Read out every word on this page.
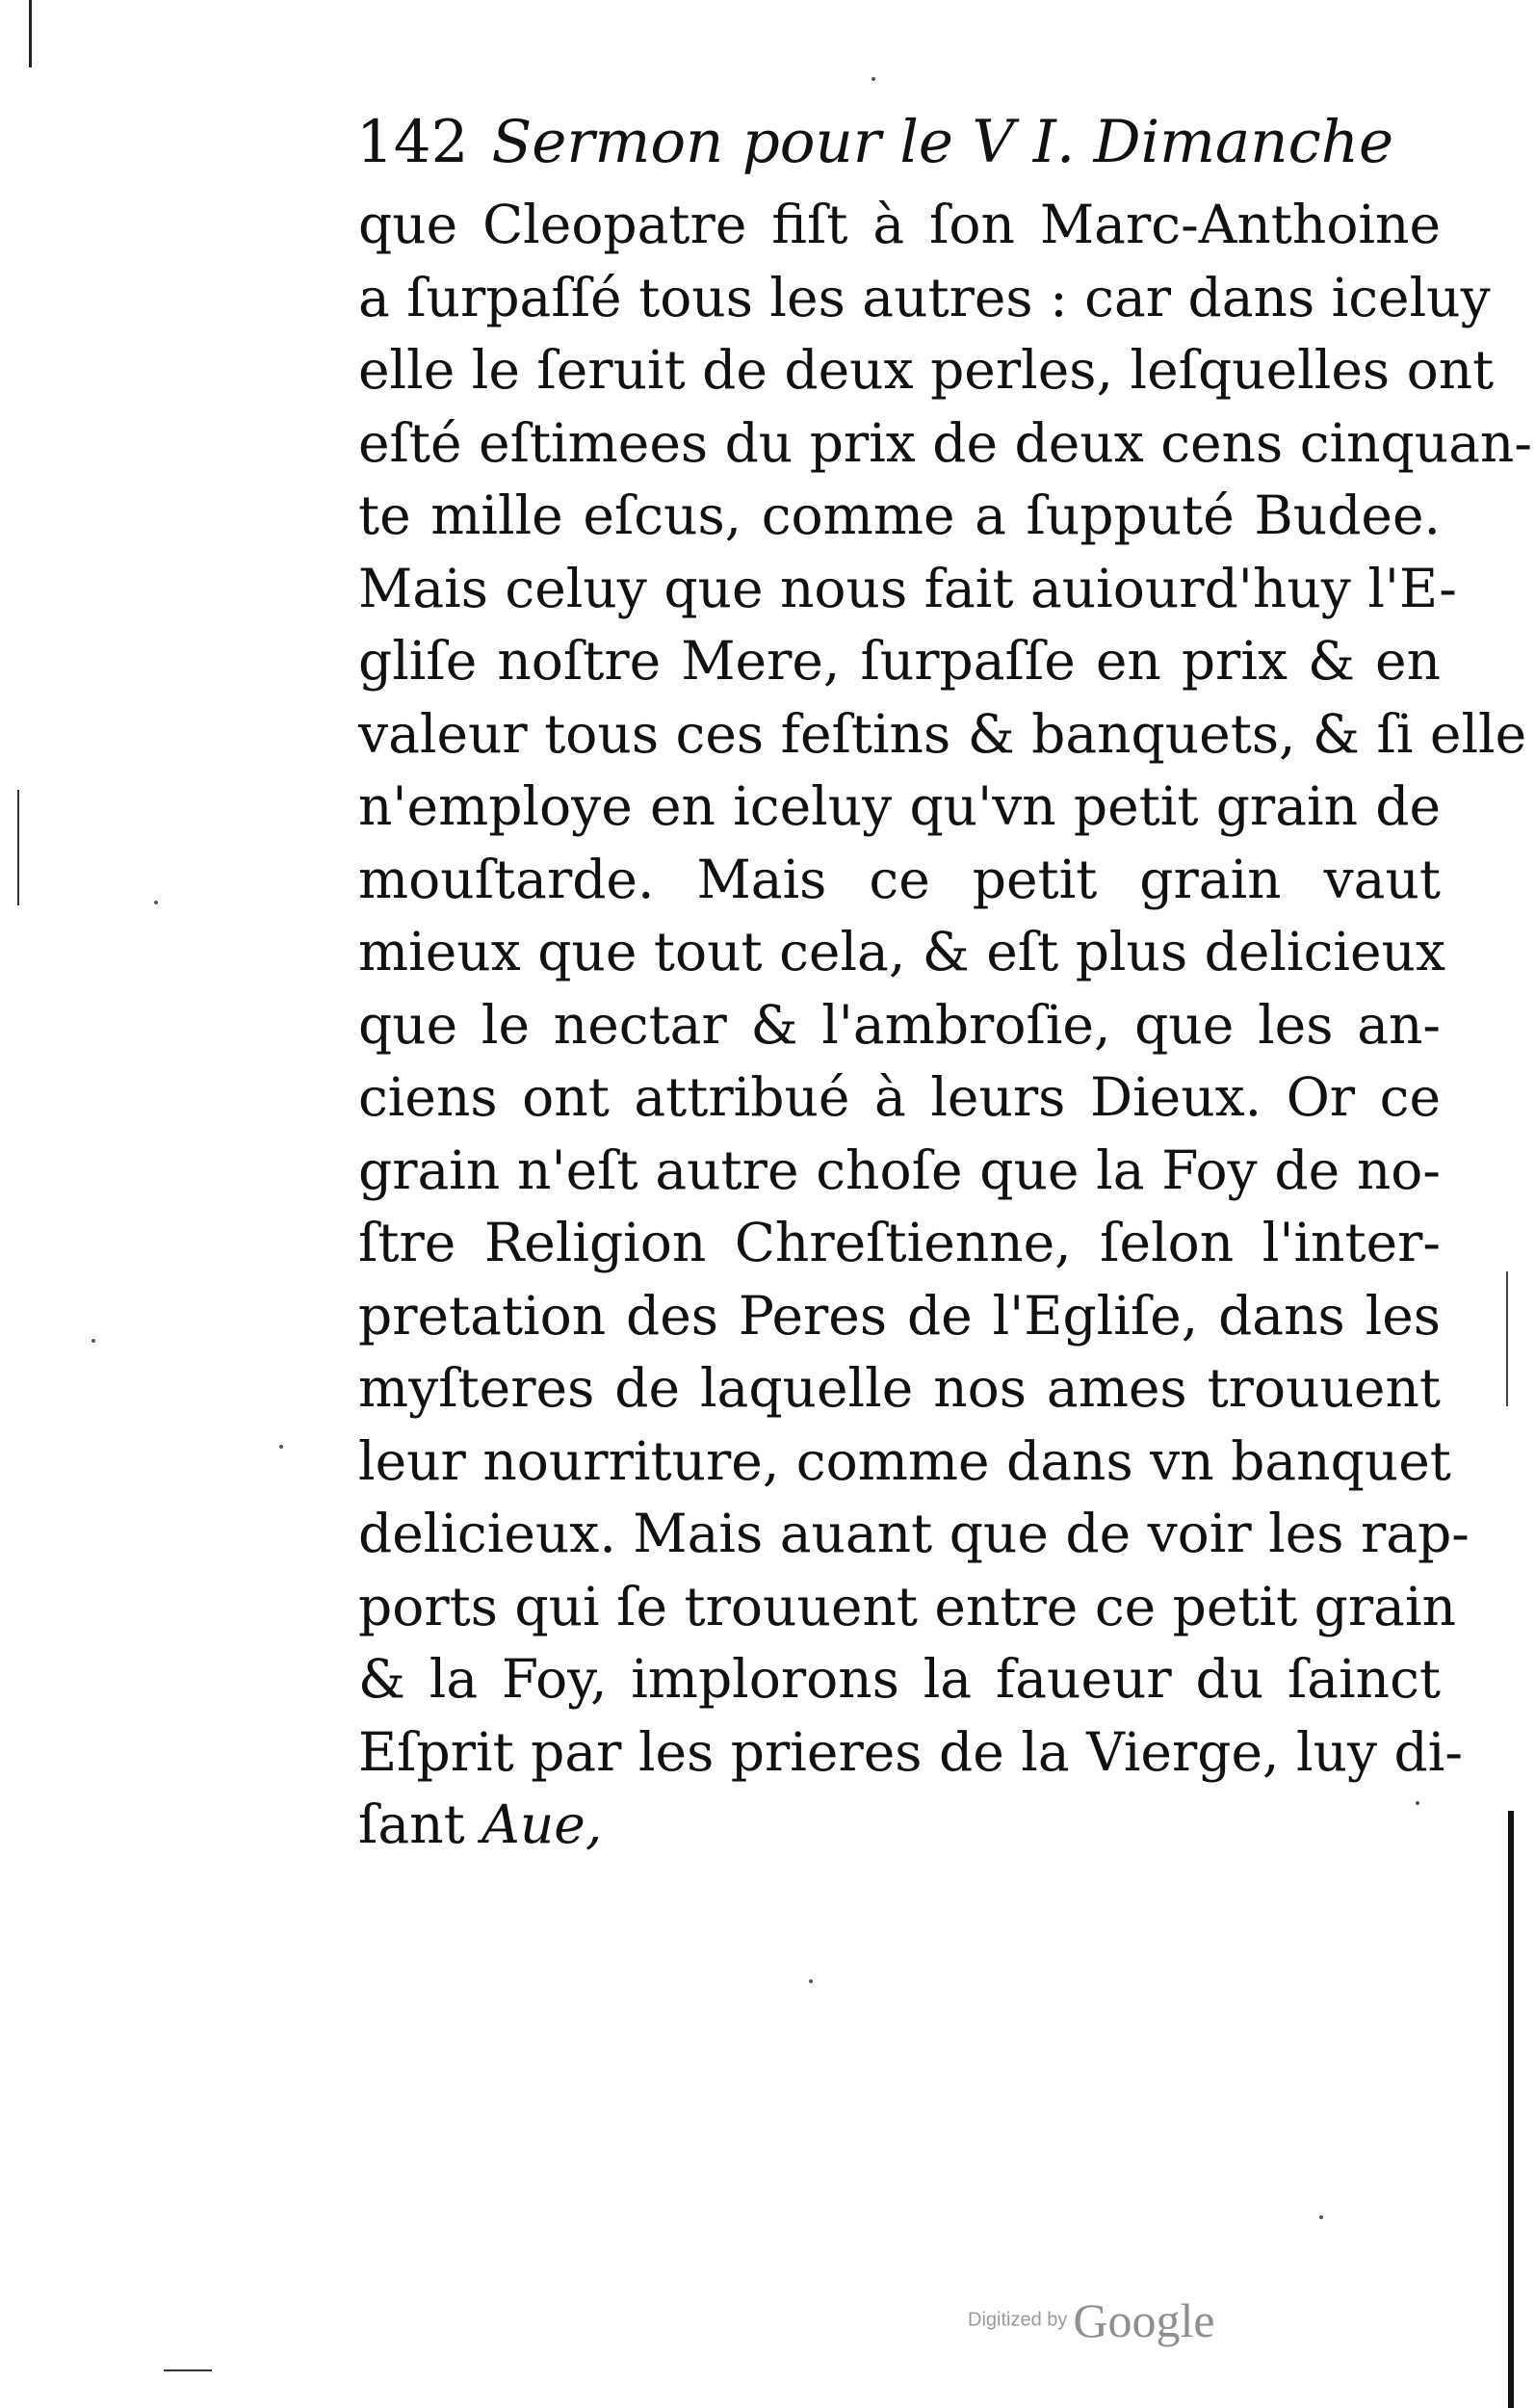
142 Sermon pour le V I. Dimanche
que Cleopatre fiſt à ſon Marc-Anthoine
a ſurpaſſé tous les autres : car dans iceluy
elle le ſeruit de deux perles, leſquelles ont
eſté eſtimees du prix de deux cens cinquan-
te mille eſcus, comme a ſupputé Budee.
Mais celuy que nous fait auiourd'huy l'E-
gliſe noſtre Mere, ſurpaſſe en prix & en
valeur tous ces feſtins & banquets, & ſi elle
n'employe en iceluy qu'vn petit grain de
mouſtarde. Mais ce petit grain vaut
mieux que tout cela, & eſt plus delicieux
que le nectar & l'ambroſie, que les an-
ciens ont attribué à leurs Dieux. Or ce
grain n'eſt autre choſe que la Foy de no-
ſtre Religion Chreſtienne, ſelon l'inter-
pretation des Peres de l'Egliſe, dans les
myſteres de laquelle nos ames trouuent
leur nourriture, comme dans vn banquet
delicieux. Mais auant que de voir les rap-
ports qui ſe trouuent entre ce petit grain
& la Foy, implorons la faueur du ſainct
Eſprit par les prieres de la Vierge, luy di-
ſant Aue,
Digitized by Google
